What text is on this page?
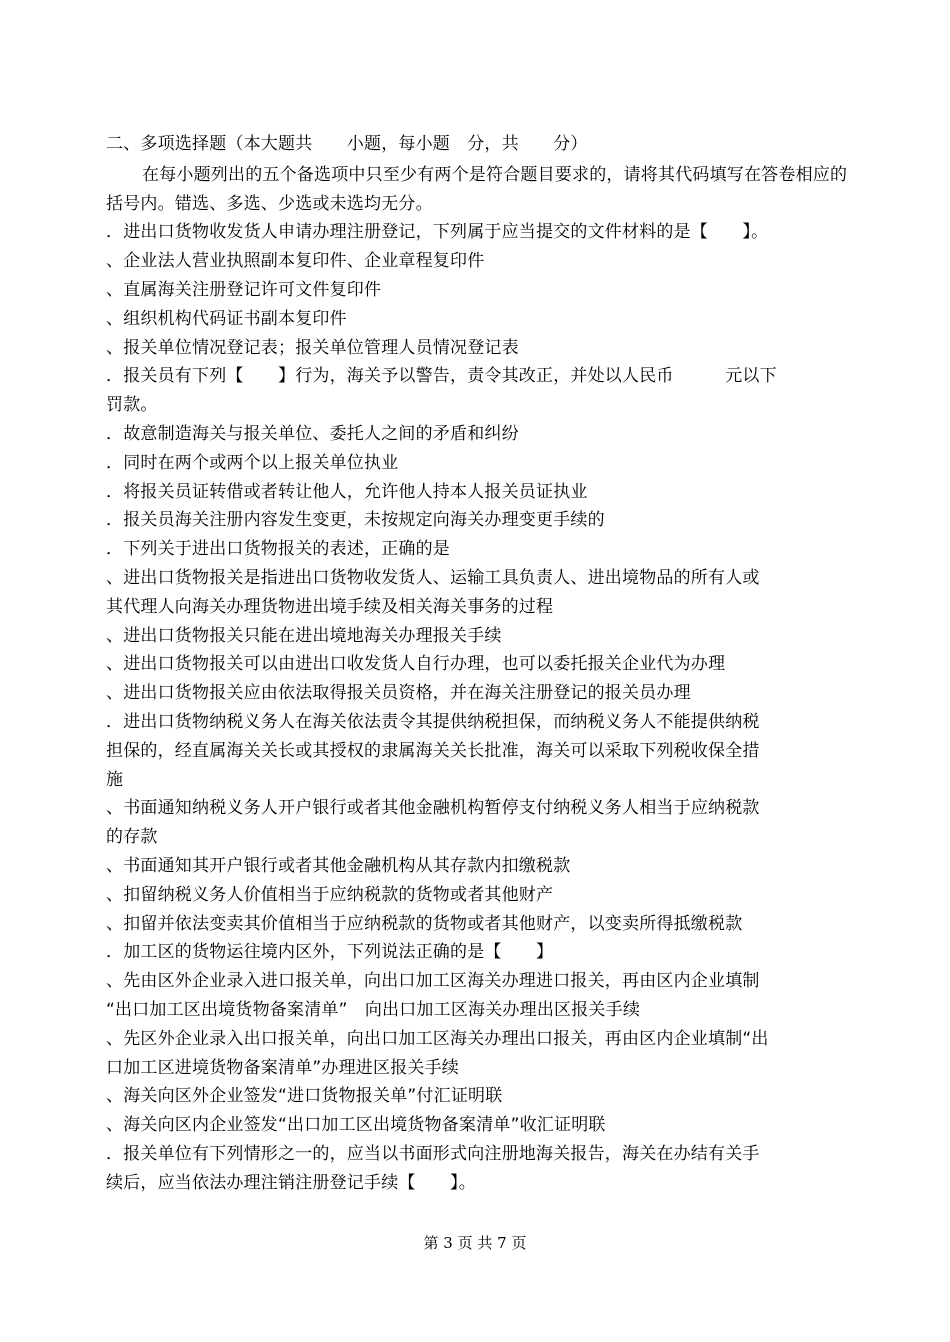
二、多项选择题（本大题共　　小题，每小题　分，共　　分）
在每小题列出的五个备选项中只至少有两个是符合题目要求的，请将其代码填写在答卷相应的括号内。错选、多选、少选或未选均无分。
．进出口货物收发货人申请办理注册登记，下列属于应当提交的文件材料的是【　　】。
、企业法人营业执照副本复印件、企业章程复印件
、直属海关注册登记许可文件复印件
、组织机构代码证书副本复印件
、报关单位情况登记表；报关单位管理人员情况登记表
．报关员有下列【　　】行为，海关予以警告，责令其改正，并处以人民币　　　元以下
罚款。
．故意制造海关与报关单位、委托人之间的矛盾和纠纷
．同时在两个或两个以上报关单位执业
．将报关员证转借或者转让他人，允许他人持本人报关员证执业
．报关员海关注册内容发生变更，未按规定向海关办理变更手续的
．下列关于进出口货物报关的表述，正确的是
、进出口货物报关是指进出口货物收发货人、运输工具负责人、进出境物品的所有人或
其代理人向海关办理货物进出境手续及相关海关事务的过程
、进出口货物报关只能在进出境地海关办理报关手续
、进出口货物报关可以由进出口收发货人自行办理，也可以委托报关企业代为办理
、进出口货物报关应由依法取得报关员资格，并在海关注册登记的报关员办理
．进出口货物纳税义务人在海关依法责令其提供纳税担保，而纳税义务人不能提供纳税
担保的，经直属海关关长或其授权的隶属海关关长批准，海关可以采取下列税收保全措
施
、书面通知纳税义务人开户银行或者其他金融机构暂停支付纳税义务人相当于应纳税款
的存款
、书面通知其开户银行或者其他金融机构从其存款内扣缴税款
、扣留纳税义务人价值相当于应纳税款的货物或者其他财产
、扣留并依法变卖其价值相当于应纳税款的货物或者其他财产，以变卖所得抵缴税款
．加工区的货物运往境内区外，下列说法正确的是【　　】
、先由区外企业录入进口报关单，向出口加工区海关办理进口报关，再由区内企业填制
“出口加工区出境货物备案清单”　向出口加工区海关办理出区报关手续
、先区外企业录入出口报关单，向出口加工区海关办理出口报关，再由区内企业填制“出
口加工区进境货物备案清单”办理进区报关手续
、海关向区外企业签发“进口货物报关单”付汇证明联
、海关向区内企业签发“出口加工区出境货物备案清单”收汇证明联
．报关单位有下列情形之一的，应当以书面形式向注册地海关报告，海关在办结有关手
续后，应当依法办理注销注册登记手续【　　】。
第 3 页 共 7 页
